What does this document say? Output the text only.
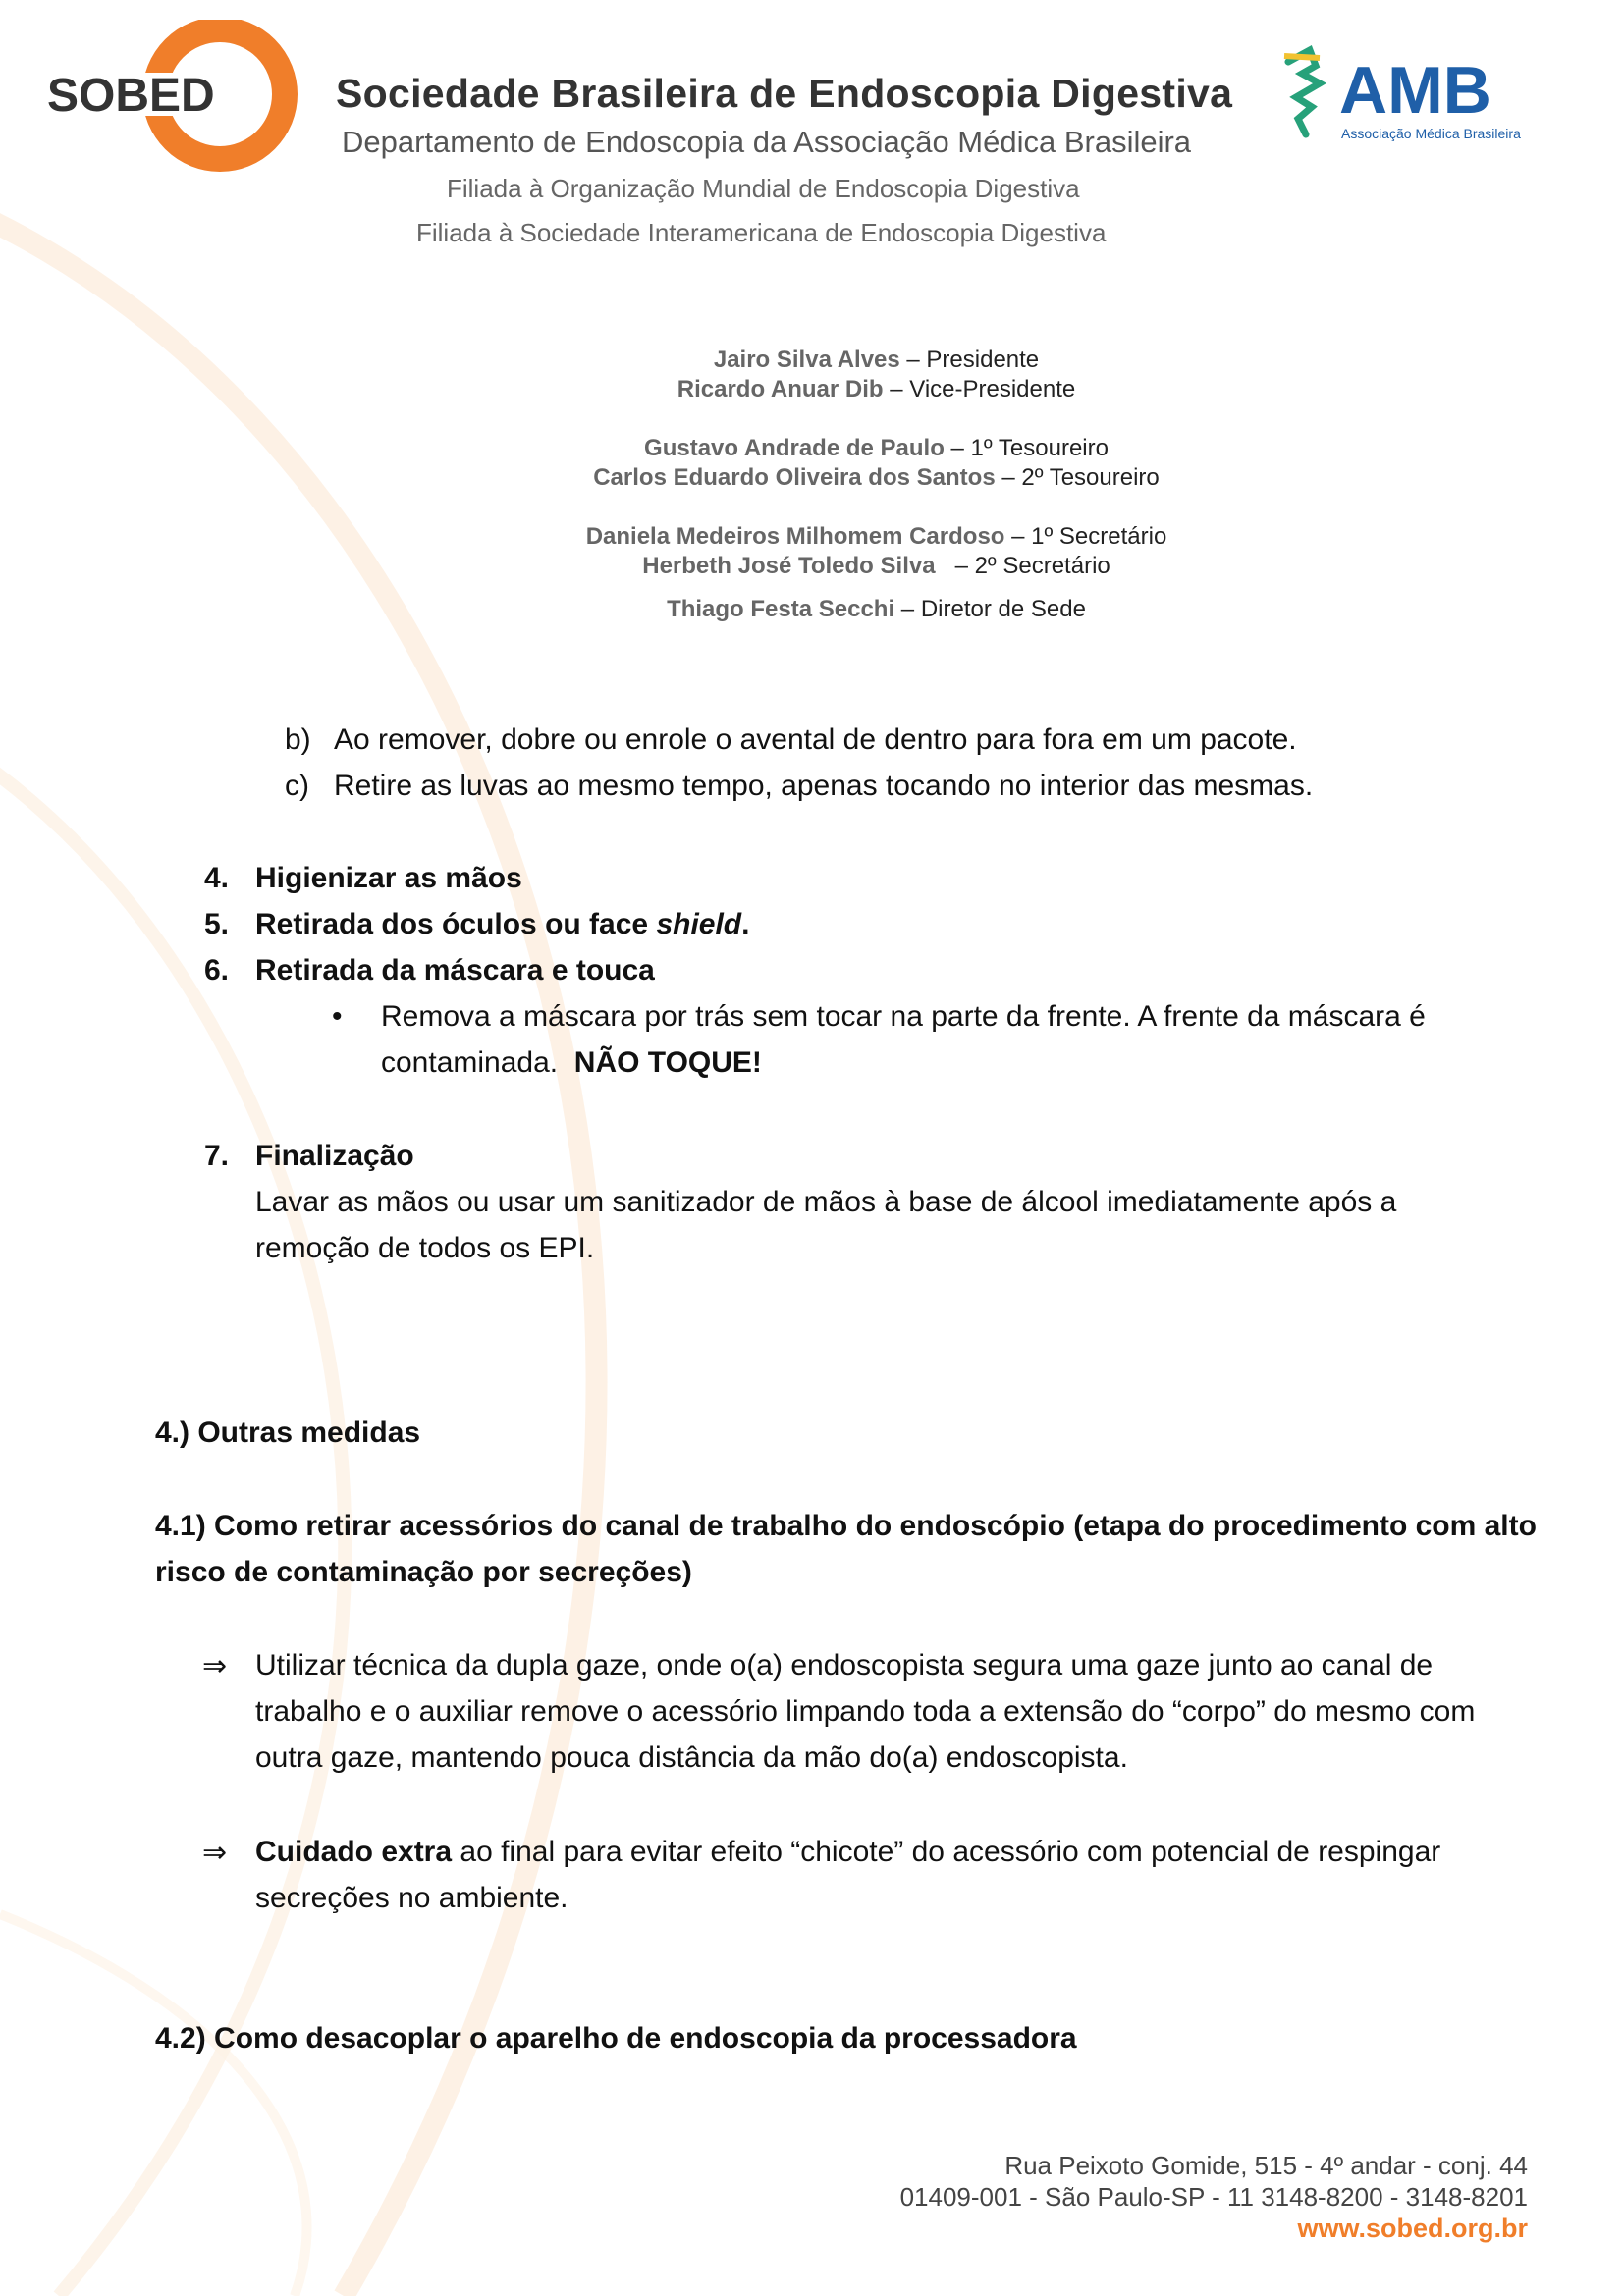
SOBED	AMB
Associação Médica Brasileira
Sociedade Brasileira de Endoscopia Digestiva
Departamento de Endoscopia da Associação Médica Brasileira
Filiada à Organização Mundial de Endoscopia Digestiva
Filiada à Sociedade Interamericana de Endoscopia Digestiva
Jairo Silva Alves – Presidente
Ricardo Anuar Dib – Vice-Presidente
Gustavo Andrade de Paulo – 1º Tesoureiro
Carlos Eduardo Oliveira dos Santos – 2º Tesoureiro
Daniela Medeiros Milhomem Cardoso – 1º Secretário
Herbeth José Toledo Silva   – 2º Secretário
Thiago Festa Secchi – Diretor de Sede
b) Ao remover, dobre ou enrole o avental de dentro para fora em um pacote.
c) Retire as luvas ao mesmo tempo, apenas tocando no interior das mesmas.
4. Higienizar as mãos
5. Retirada dos óculos ou face shield.
6. Retirada da máscara e touca
• Remova a máscara por trás sem tocar na parte da frente. A frente da máscara é
contaminada.  NÃO TOQUE!
7. Finalização
Lavar as mãos ou usar um sanitizador de mãos à base de álcool imediatamente após a
remoção de todos os EPI.
4.) Outras medidas
4.1) Como retirar acessórios do canal de trabalho do endoscópio (etapa do procedimento com alto
risco de contaminação por secreções)
⇒ Utilizar técnica da dupla gaze, onde o(a) endoscopista segura uma gaze junto ao canal de
trabalho e o auxiliar remove o acessório limpando toda a extensão do “corpo” do mesmo com
outra gaze, mantendo pouca distância da mão do(a) endoscopista.
⇒ Cuidado extra ao final para evitar efeito “chicote” do acessório com potencial de respingar
secreções no ambiente.
4.2) Como desacoplar o aparelho de endoscopia da processadora
Rua Peixoto Gomide, 515 - 4º andar - conj. 44
01409-001 - São Paulo-SP - 11 3148-8200 - 3148-8201
www.sobed.org.br
